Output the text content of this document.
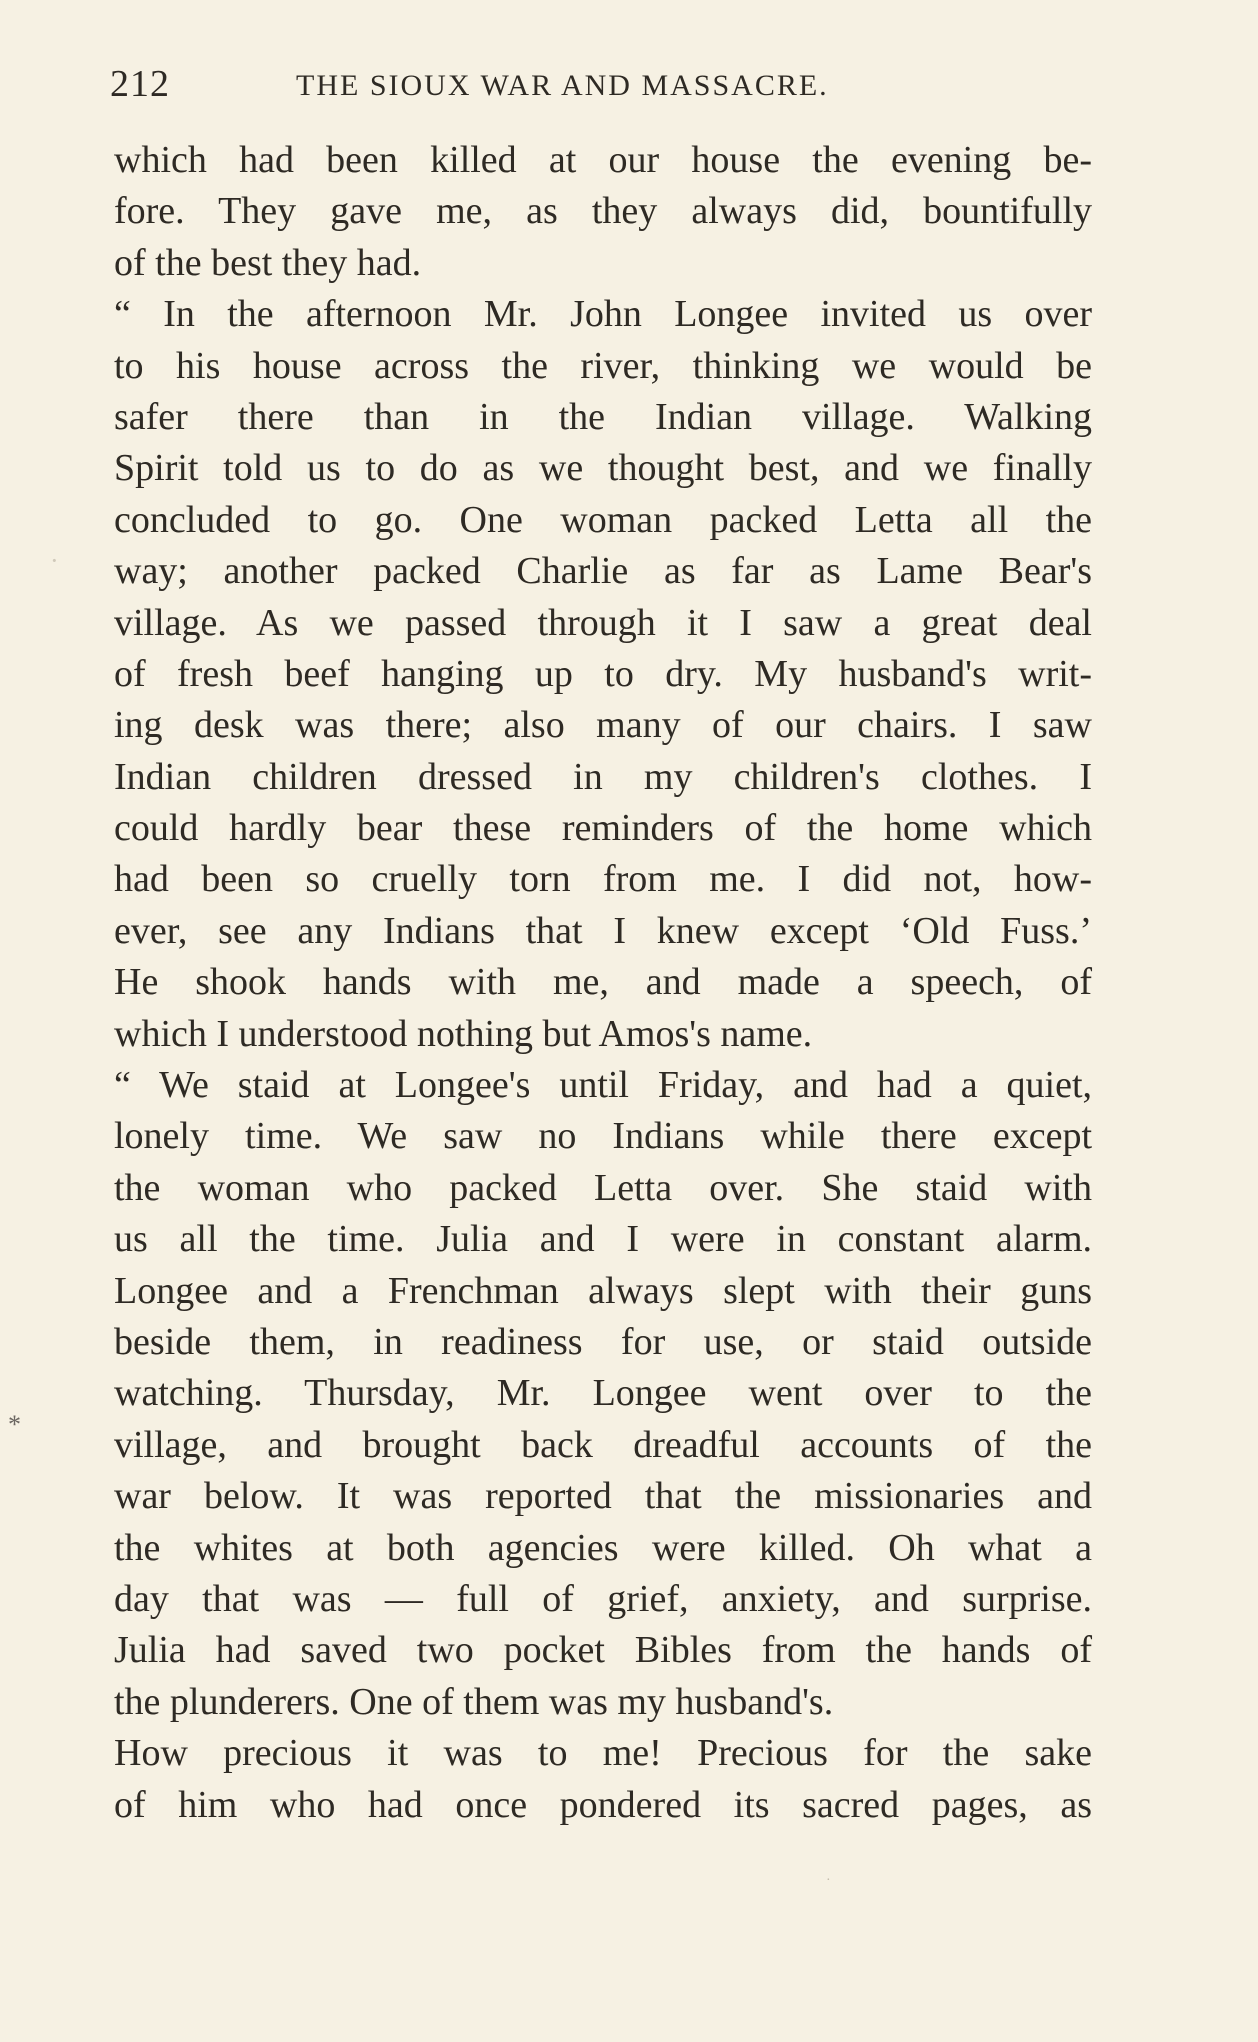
212	THE SIOUX WAR AND MASSACRE.
which had been killed at our house the evening be-
fore. They gave me, as they always did, bountifully
of the best they had.
“ In the afternoon Mr. John Longee invited us over
to his house across the river, thinking we would be
safer there than in the Indian village. Walking
Spirit told us to do as we thought best, and we finally
concluded to go. One woman packed Letta all the
way; another packed Charlie as far as Lame Bear's
village. As we passed through it I saw a great deal
of fresh beef hanging up to dry. My husband's writ-
ing desk was there; also many of our chairs. I saw
Indian children dressed in my children's clothes. I
could hardly bear these reminders of the home which
had been so cruelly torn from me. I did not, how-
ever, see any Indians that I knew except ‘Old Fuss.’
He shook hands with me, and made a speech, of
which I understood nothing but Amos's name.
“ We staid at Longee's until Friday, and had a quiet,
lonely time. We saw no Indians while there except
the woman who packed Letta over. She staid with
us all the time. Julia and I were in constant alarm.
Longee and a Frenchman always slept with their guns
beside them, in readiness for use, or staid outside
watching. Thursday, Mr. Longee went over to the
village, and brought back dreadful accounts of the
war below. It was reported that the missionaries and
the whites at both agencies were killed. Oh what a
day that was — full of grief, anxiety, and surprise.
Julia had saved two pocket Bibles from the hands of
the plunderers. One of them was my husband's.
How precious it was to me! Precious for the sake
of him who had once pondered its sacred pages, as
·
*
·
